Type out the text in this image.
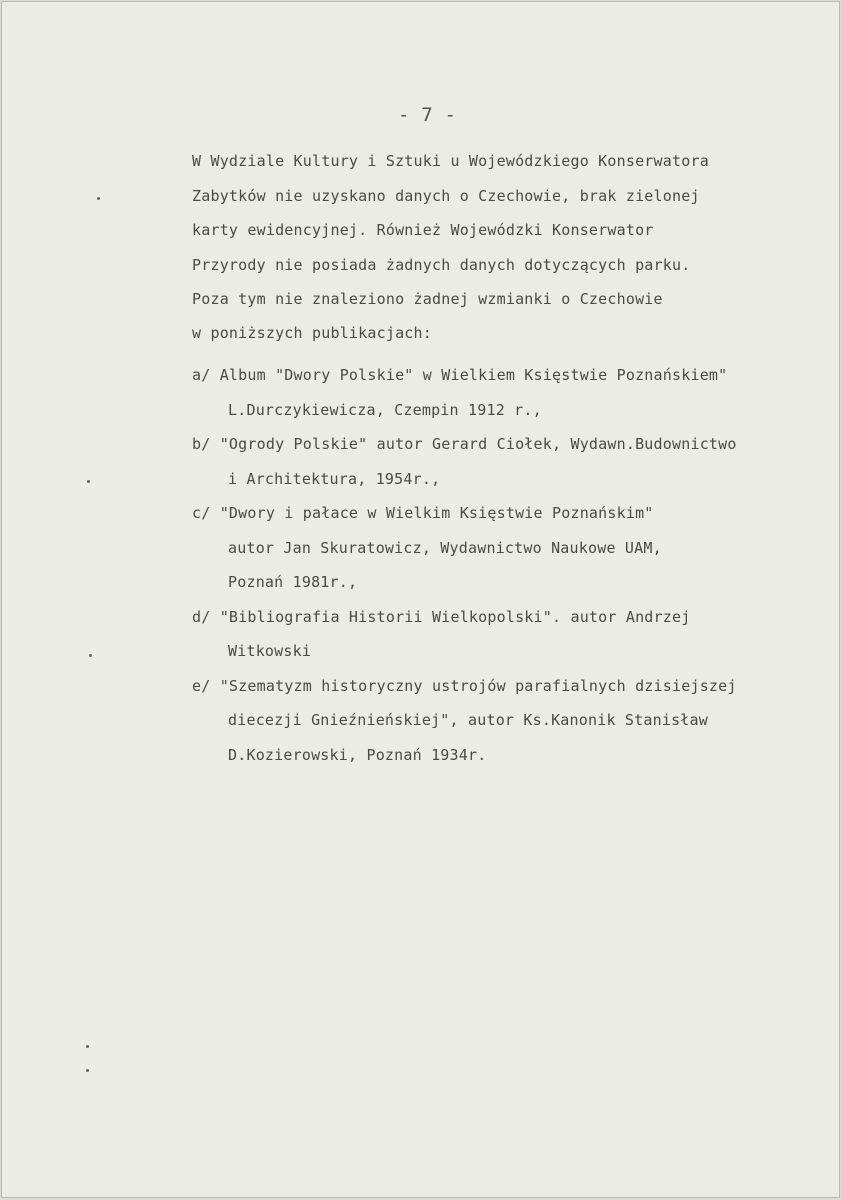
- 7 -
W Wydziale Kultury i Sztuki u Wojewódzkiego Konserwatora
Zabytków nie uzyskano danych o Czechowie, brak zielonej
karty ewidencyjnej. Również Wojewódzki Konserwator
Przyrody nie posiada żadnych danych dotyczących parku.
Poza tym nie znaleziono żadnej wzmianki o Czechowie
w poniższych publikacjach:
a/ Album "Dwory Polskie" w Wielkiem Księstwie Poznańskiem"
L.Durczykiewicza, Czempin 1912 r.,
b/ "Ogrody Polskie" autor Gerard Ciołek, Wydawn.Budownictwo
i Architektura, 1954r.,
c/ "Dwory i pałace w Wielkim Księstwie Poznańskim"
autor Jan Skuratowicz, Wydawnictwo Naukowe UAM,
Poznań 1981r.,
d/ "Bibliografia Historii Wielkopolski". autor Andrzej
Witkowski
e/ "Szematyzm historyczny ustrojów parafialnych dzisiejszej
diecezji Gnieźnieńskiej", autor Ks.Kanonik Stanisław
D.Kozierowski, Poznań 1934r.
